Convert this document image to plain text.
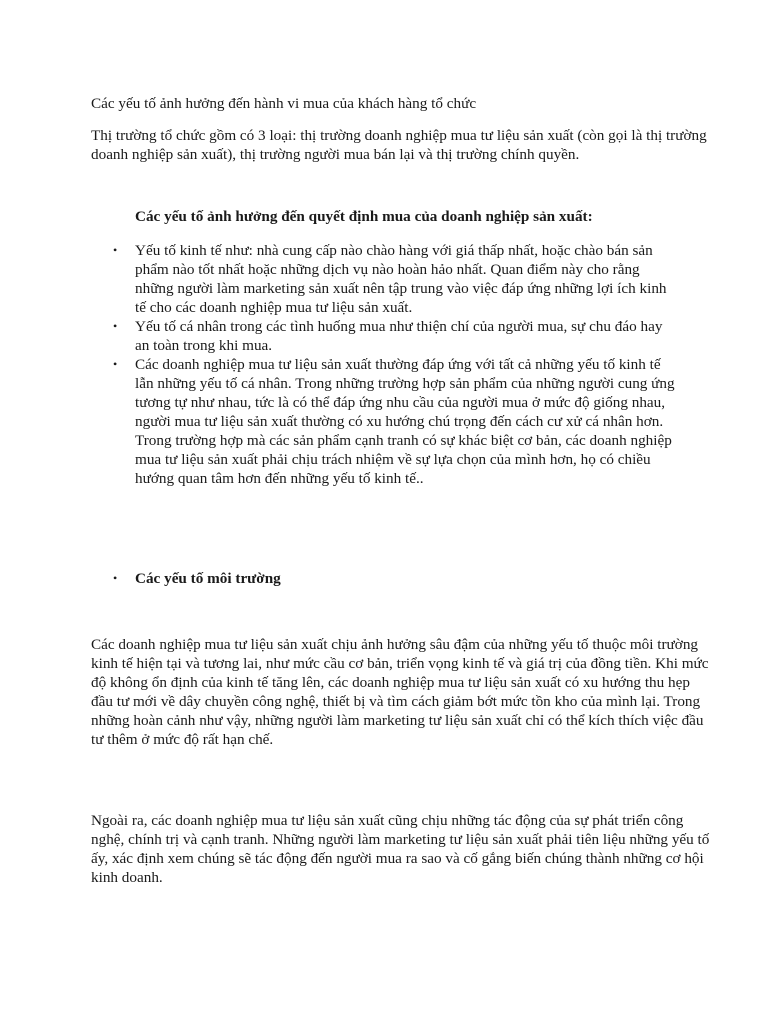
Các yếu tố ảnh hưởng đến hành vi mua của khách hàng tổ chức

Thị trường tổ chức gồm có 3 loại: thị trường doanh nghiệp mua tư liệu sản xuất (còn gọi là thị trường doanh nghiệp sản xuất), thị trường người mua bán lại và thị trường chính quyền.

Các yếu tố ảnh hưởng đến quyết định mua của doanh nghiệp sản xuất:

• Yếu tố kinh tế như: nhà cung cấp nào chào hàng với giá thấp nhất, hoặc chào bán sản phẩm nào tốt nhất hoặc những dịch vụ nào hoàn hảo nhất. Quan điểm này cho rằng những người làm marketing sản xuất nên tập trung vào việc đáp ứng những lợi ích kinh tế cho các doanh nghiệp mua tư liệu sản xuất.
• Yếu tố cá nhân trong các tình huống mua như thiện chí của người mua, sự chu đáo hay an toàn trong khi mua.
• Các doanh nghiệp mua tư liệu sản xuất thường đáp ứng với tất cả những yếu tố kinh tế lẫn những yếu tố cá nhân. Trong những trường hợp sản phẩm của những người cung ứng tương tự như nhau, tức là có thể đáp ứng nhu cầu của người mua ở mức độ giống nhau, người mua tư liệu sản xuất thường có xu hướng chú trọng đến cách cư xử cá nhân hơn. Trong trường hợp mà các sản phẩm cạnh tranh có sự khác biệt cơ bản, các doanh nghiệp mua tư liệu sản xuất phải chịu trách nhiệm về sự lựa chọn của mình hơn, họ có chiều hướng quan tâm hơn đến những yếu tố kinh tế..
• Các yếu tố môi trường

Các doanh nghiệp mua tư liệu sản xuất chịu ảnh hưởng sâu đậm của những yếu tố thuộc môi trường kinh tế hiện tại và tương lai, như mức cầu cơ bản, triển vọng kinh tế và giá trị của đồng tiền. Khi mức độ không ổn định của kinh tế tăng lên, các doanh nghiệp mua tư liệu sản xuất có xu hướng thu hẹp đầu tư mới về dây chuyền công nghệ, thiết bị và tìm cách giảm bớt mức tồn kho của mình lại. Trong những hoàn cảnh như vậy, những người làm marketing tư liệu sản xuất chỉ có thể kích thích việc đầu tư thêm ở mức độ rất hạn chế.

Ngoài ra, các doanh nghiệp mua tư liệu sản xuất cũng chịu những tác động của sự phát triển công nghệ, chính trị và cạnh tranh. Những người làm marketing tư liệu sản xuất phải tiên liệu những yếu tố ấy, xác định xem chúng sẽ tác động đến người mua ra sao và cố gắng biến chúng thành những cơ hội kinh doanh.
